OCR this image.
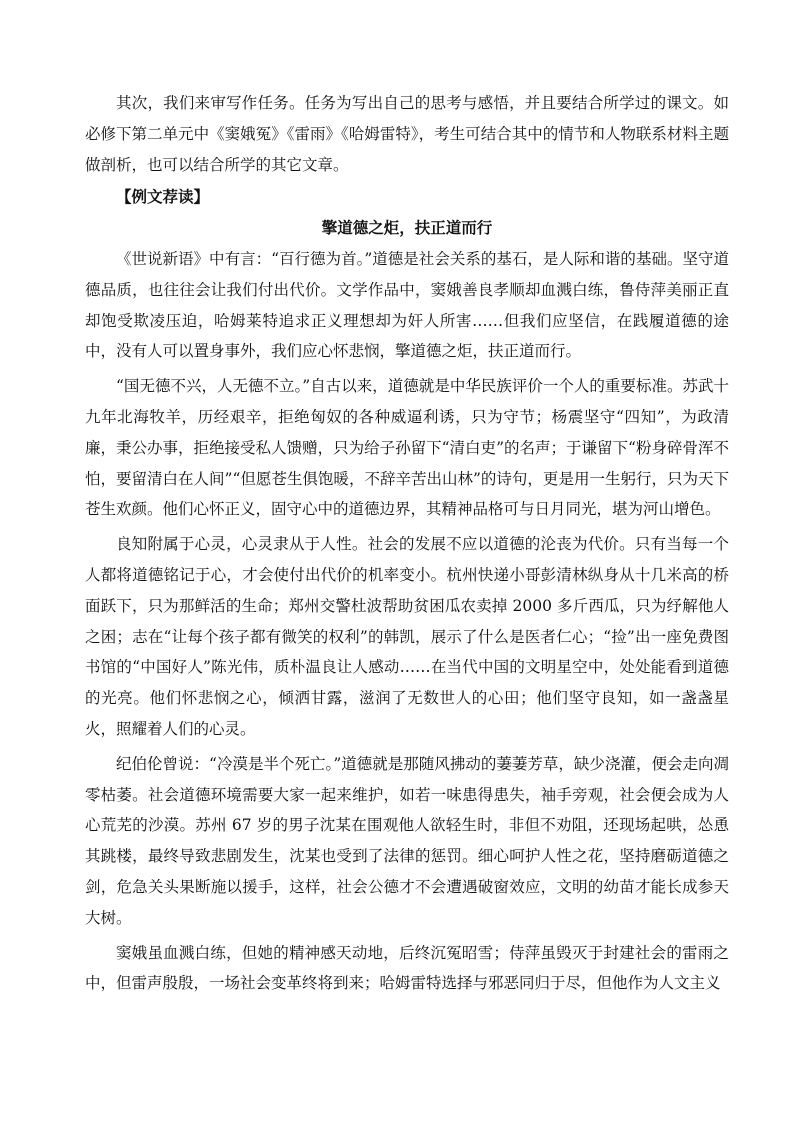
其次，我们来审写作任务。任务为写出自己的思考与感悟，并且要结合所学过的课文。如必修下第二单元中《窦娥冤》《雷雨》《哈姆雷特》，考生可结合其中的情节和人物联系材料主题做剖析，也可以结合所学的其它文章。

【例文荐读】

擎道德之炬，扶正道而行

《世说新语》中有言：“百行德为首。”道德是社会关系的基石，是人际和谐的基础。坚守道德品质，也往往会让我们付出代价。文学作品中，窦娥善良孝顺却血溅白练，鲁侍萍美丽正直却饱受欺凌压迫，哈姆莱特追求正义理想却为奸人所害……但我们应坚信，在践履道德的途中，没有人可以置身事外，我们应心怀悲悯，擎道德之炬，扶正道而行。

“国无德不兴，人无德不立。”自古以来，道德就是中华民族评价一个人的重要标准。苏武十九年北海牧羊，历经艰辛，拒绝匈奴的各种威逼利诱，只为守节；杨震坚守“四知”，为政清廉，秉公办事，拒绝接受私人馈赠，只为给子孙留下“清白吏”的名声；于谦留下“粉身碎骨浑不怕，要留清白在人间”“但愿苍生俱饱暖，不辞辛苦出山林”的诗句，更是用一生躬行，只为天下苍生欢颜。他们心怀正义，固守心中的道德边界，其精神品格可与日月同光，堪为河山增色。

良知附属于心灵，心灵隶从于人性。社会的发展不应以道德的沦丧为代价。只有当每一个人都将道德铭记于心，才会使付出代价的机率变小。杭州快递小哥彭清林纵身从十几米高的桥面跃下，只为那鲜活的生命；郑州交警杜波帮助贫困瓜农卖掉 2000 多斤西瓜，只为纾解他人之困；志在“让每个孩子都有微笑的权利”的韩凯，展示了什么是医者仁心；“捡”出一座免费图书馆的“中国好人”陈光伟，质朴温良让人感动……在当代中国的文明星空中，处处能看到道德的光亮。他们怀悲悯之心，倾洒甘露，滋润了无数世人的心田；他们坚守良知，如一盏盏星火，照耀着人们的心灵。

纪伯伦曾说：“冷漠是半个死亡。”道德就是那随风拂动的萋萋芳草，缺少浇灌，便会走向凋零枯萎。社会道德环境需要大家一起来维护，如若一味患得患失，袖手旁观，社会便会成为人心荒芜的沙漠。苏州 67 岁的男子沈某在围观他人欲轻生时，非但不劝阻，还现场起哄，怂恿其跳楼，最终导致悲剧发生，沈某也受到了法律的惩罚。细心呵护人性之花，坚持磨砺道德之剑，危急关头果断施以援手，这样，社会公德才不会遭遇破窗效应，文明的幼苗才能长成参天大树。

窦娥虽血溅白练，但她的精神感天动地，后终沉冤昭雪；侍萍虽毁灭于封建社会的雷雨之中，但雷声殷殷，一场社会变革终将到来；哈姆雷特选择与邪恶同归于尽，但他作为人文主义
